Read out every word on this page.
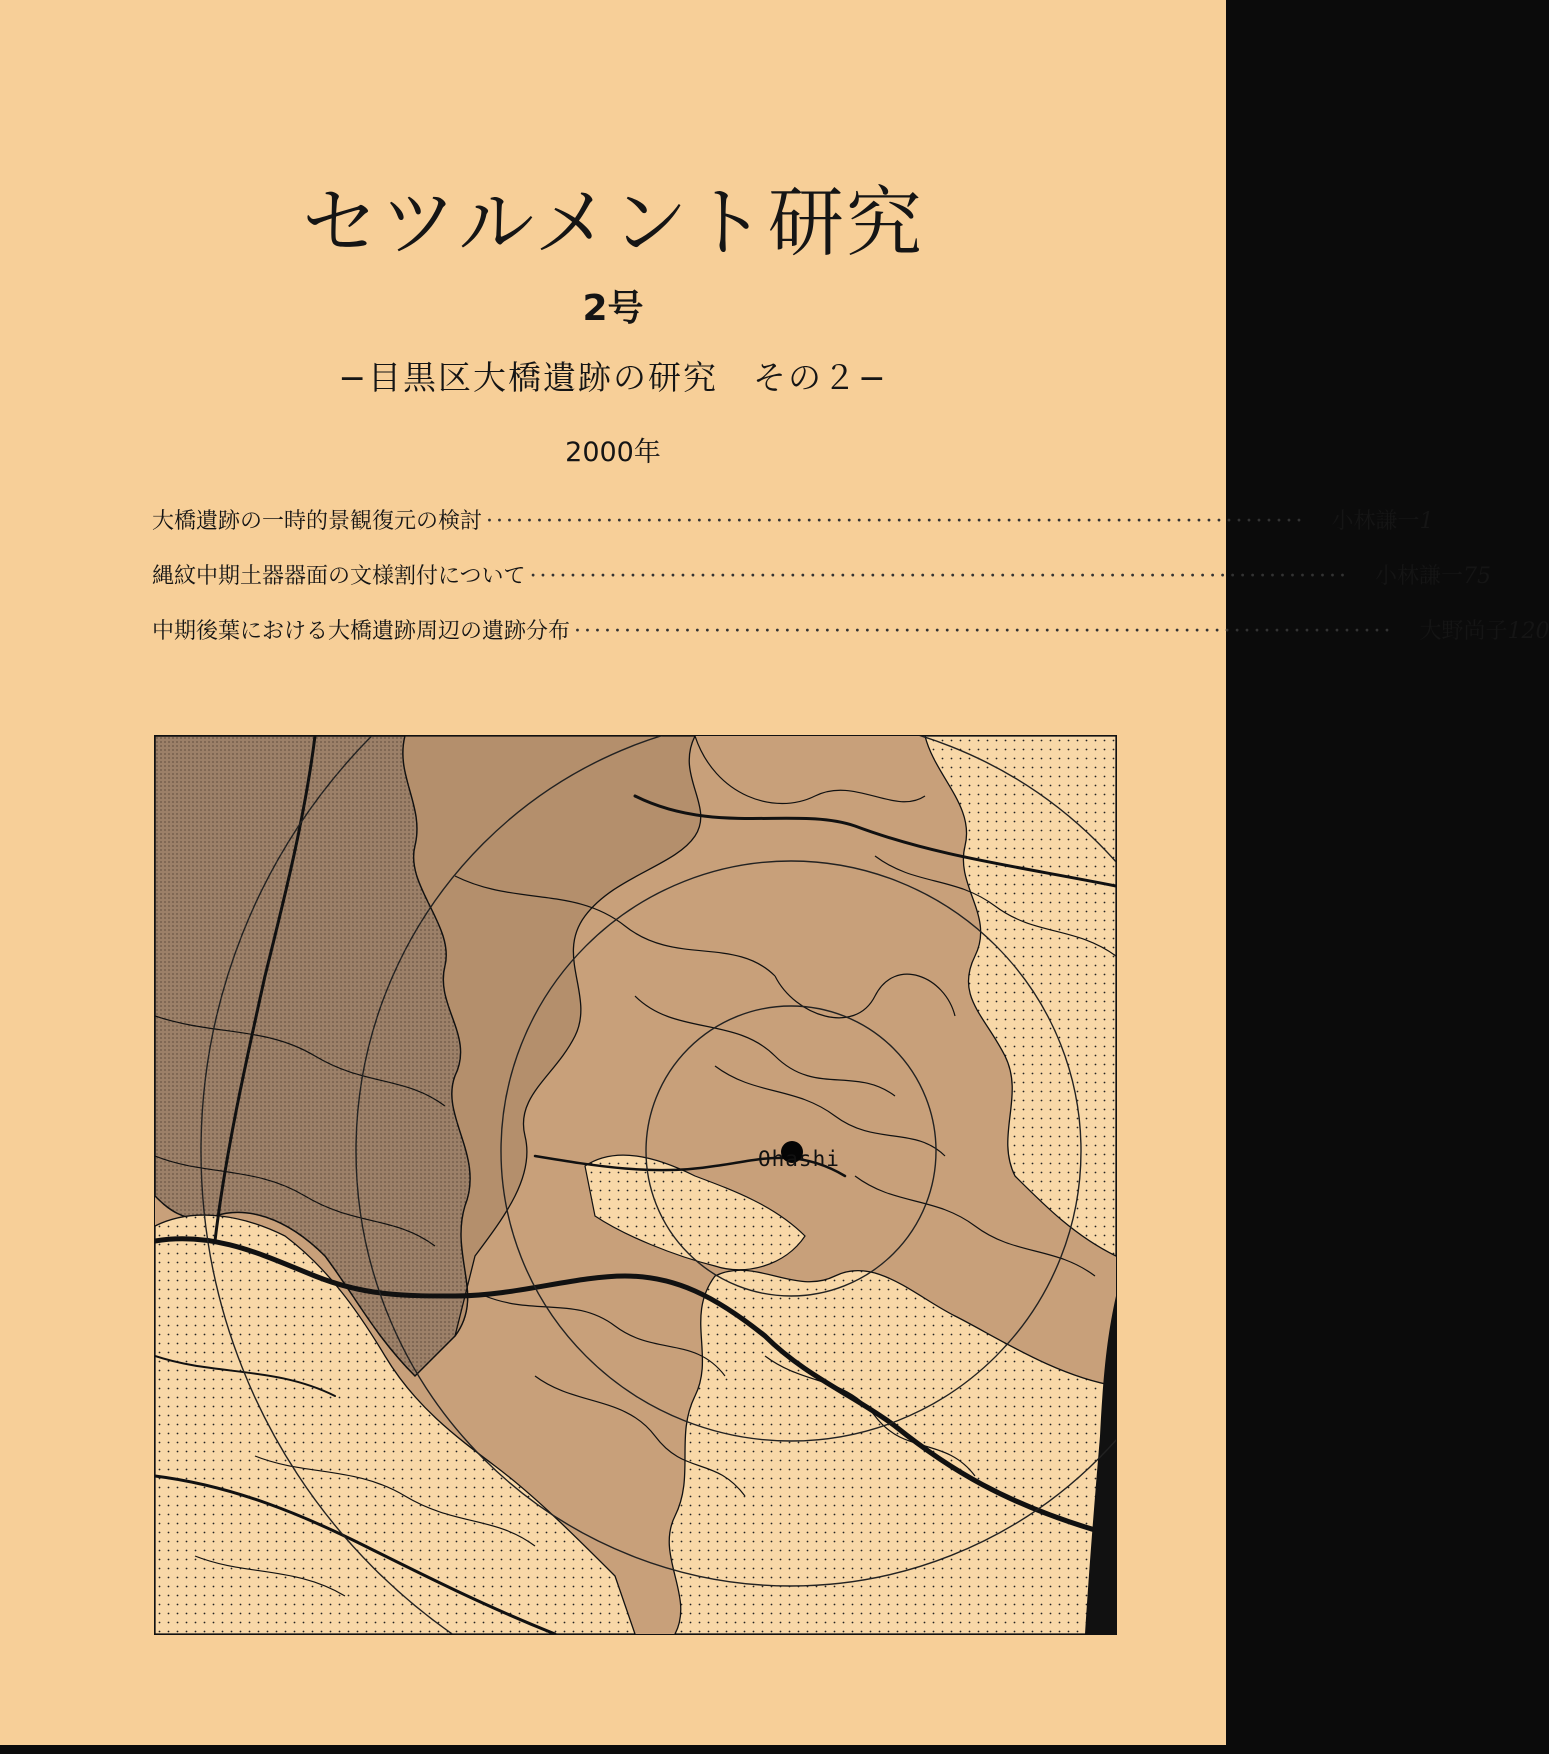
セツルメント研究
2号
−目黒区大橋遺跡の研究　その２−
2000年
大橋遺跡の一時的景観復元の検討 ·················································································· 小林謙一 1
縄紋中期土器器面の文様割付について ·················································································· 小林謙一 75
中期後葉における大橋遺跡周辺の遺跡分布 ·················································································· 大野尚子 120
Ohashi
